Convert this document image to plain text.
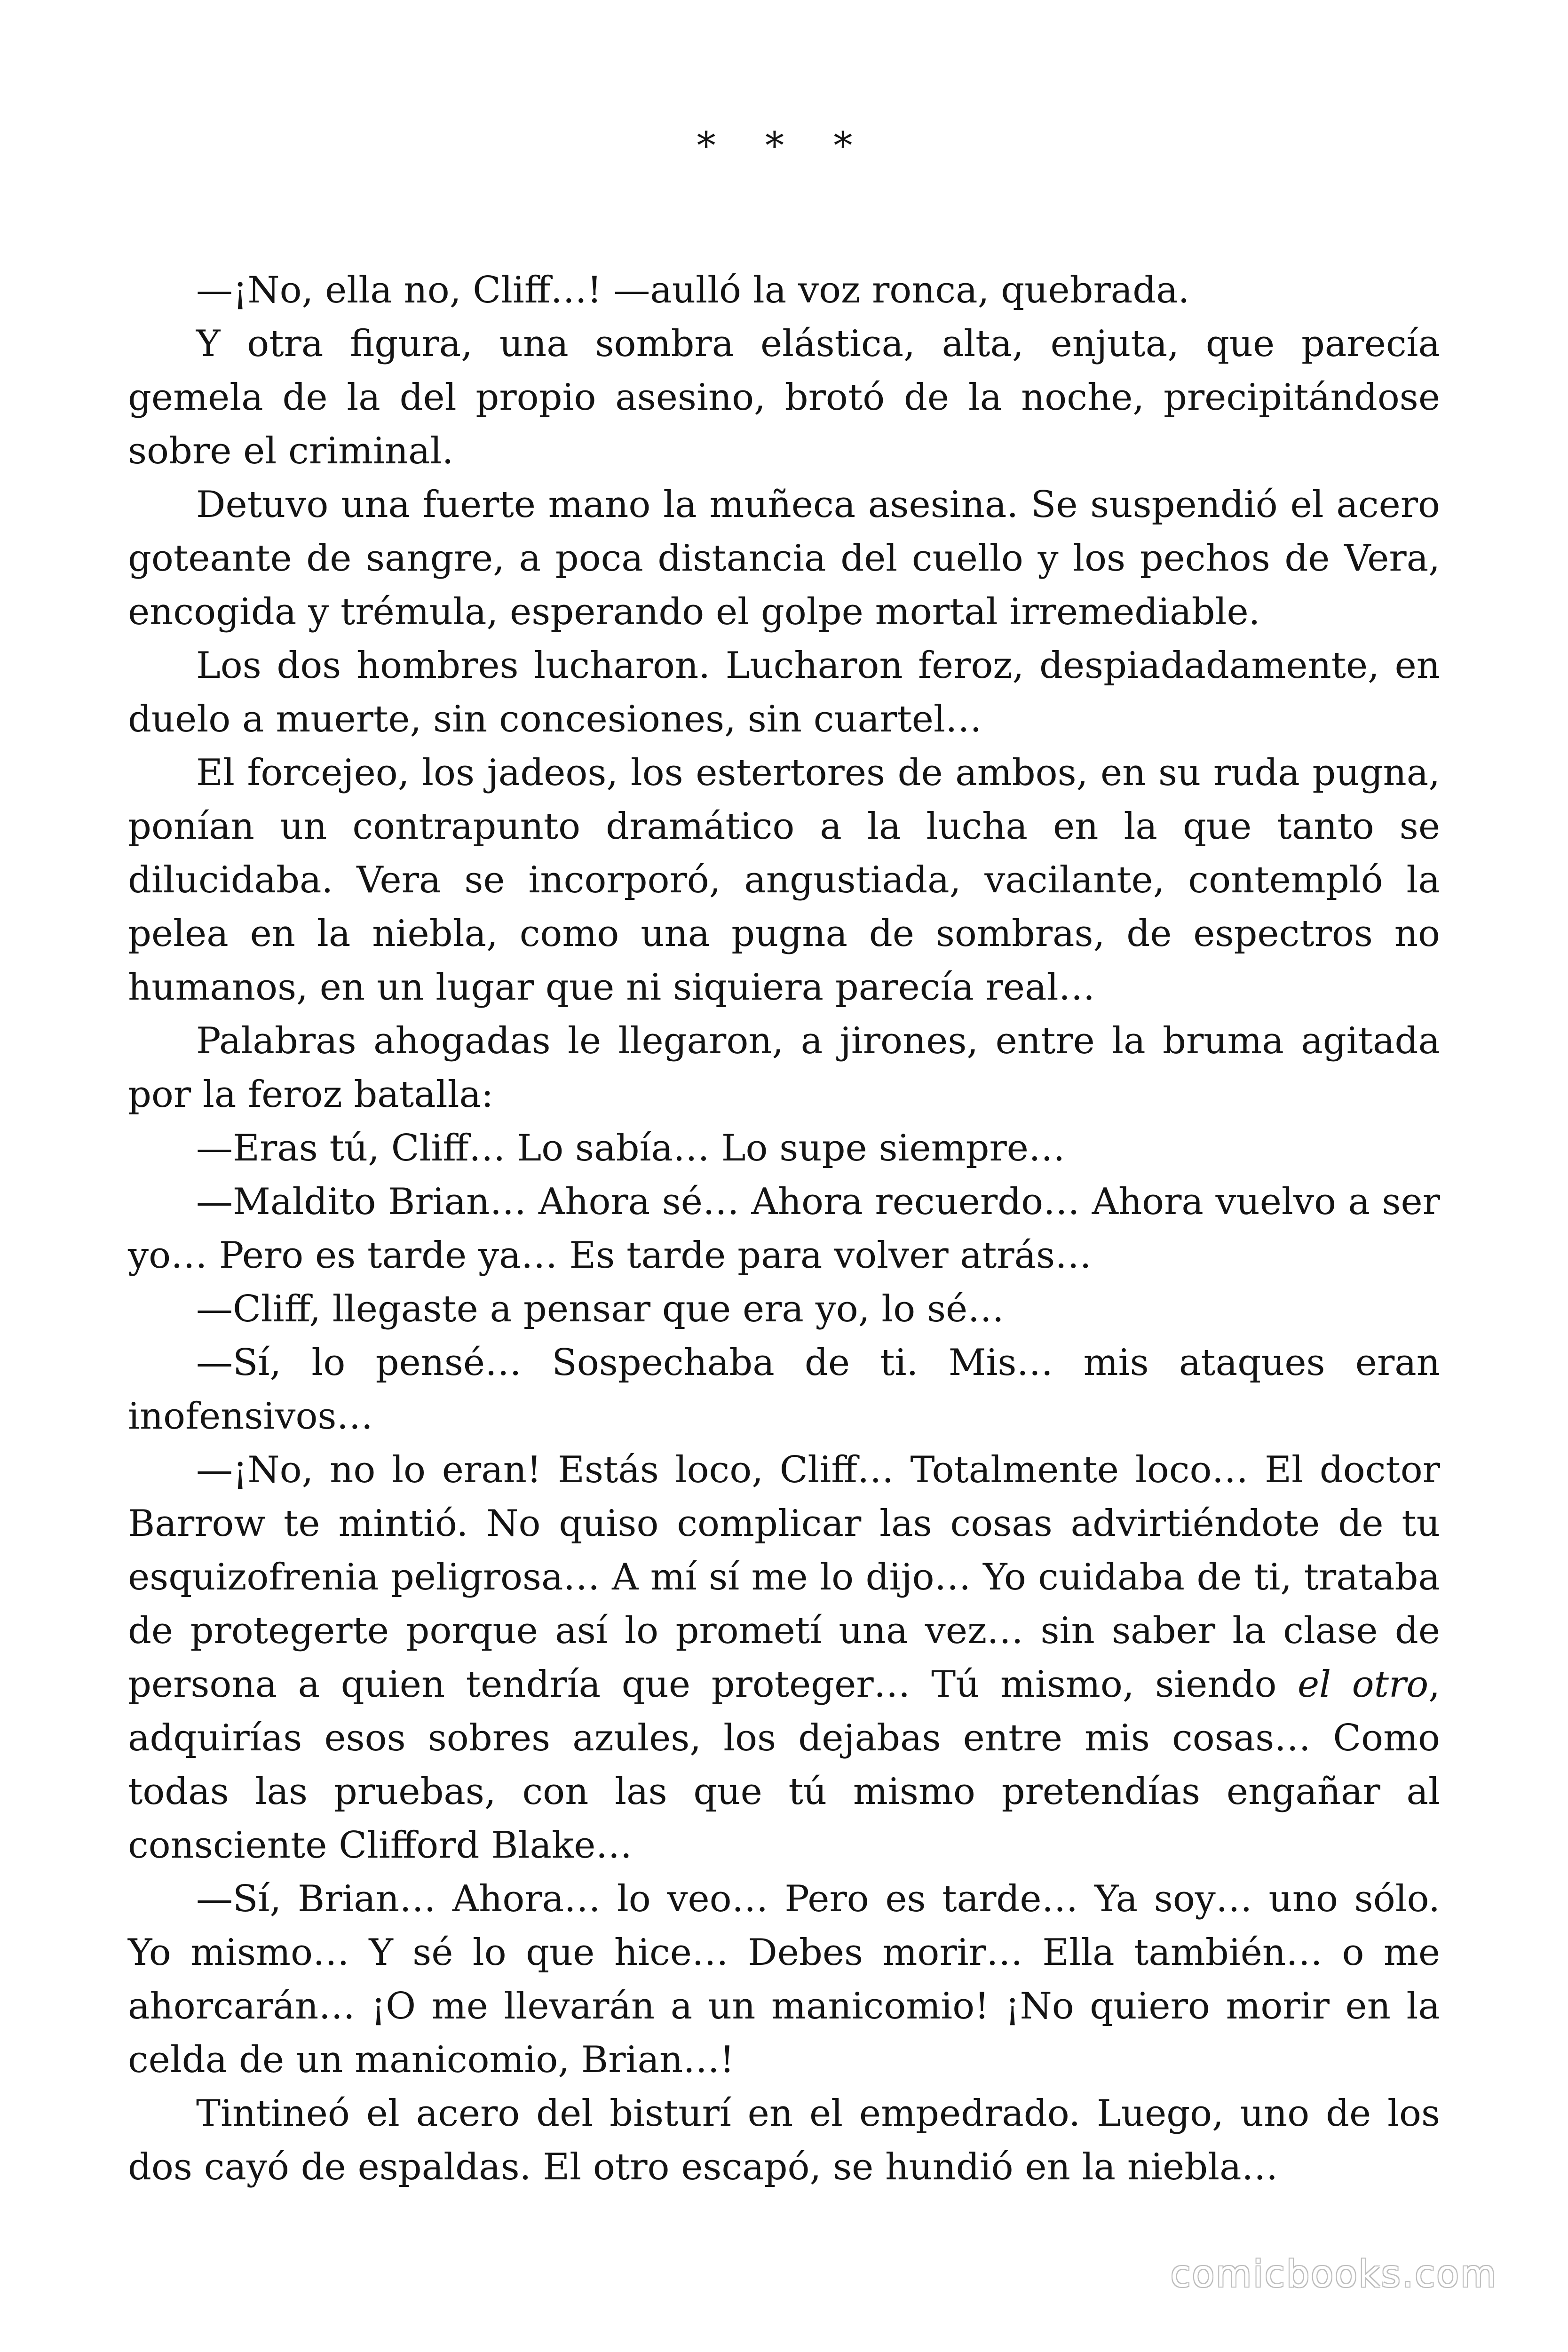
* * *

—¡No, ella no, Cliff…! —aulló la voz ronca, quebrada.

Y otra figura, una sombra elástica, alta, enjuta, que parecía gemela de la del propio asesino, brotó de la noche, precipitándose sobre el criminal.

Detuvo una fuerte mano la muñeca asesina. Se suspendió el acero goteante de sangre, a poca distancia del cuello y los pechos de Vera, encogida y trémula, esperando el golpe mortal irremediable.

Los dos hombres lucharon. Lucharon feroz, despiadadamente, en duelo a muerte, sin concesiones, sin cuartel…

El forcejeo, los jadeos, los estertores de ambos, en su ruda pugna, ponían un contrapunto dramático a la lucha en la que tanto se dilucidaba. Vera se incorporó, angustiada, vacilante, contempló la pelea en la niebla, como una pugna de sombras, de espectros no humanos, en un lugar que ni siquiera parecía real…

Palabras ahogadas le llegaron, a jirones, entre la bruma agitada por la feroz batalla:

—Eras tú, Cliff… Lo sabía… Lo supe siempre…

—Maldito Brian… Ahora sé… Ahora recuerdo… Ahora vuelvo a ser yo… Pero es tarde ya… Es tarde para volver atrás…

—Cliff, llegaste a pensar que era yo, lo sé…

—Sí, lo pensé… Sospechaba de ti. Mis… mis ataques eran inofensivos…

—¡No, no lo eran! Estás loco, Cliff… Totalmente loco… El doctor Barrow te mintió. No quiso complicar las cosas advirtiéndote de tu esquizofrenia peligrosa… A mí sí me lo dijo… Yo cuidaba de ti, trataba de protegerte porque así lo prometí una vez… sin saber la clase de persona a quien tendría que proteger… Tú mismo, siendo el otro, adquirías esos sobres azules, los dejabas entre mis cosas… Como todas las pruebas, con las que tú mismo pretendías engañar al consciente Clifford Blake…

—Sí, Brian… Ahora… lo veo… Pero es tarde… Ya soy… uno sólo. Yo mismo… Y sé lo que hice… Debes morir… Ella también… o me ahorcarán… ¡O me llevarán a un manicomio! ¡No quiero morir en la celda de un manicomio, Brian…!

Tintineó el acero del bisturí en el empedrado. Luego, uno de los dos cayó de espaldas. El otro escapó, se hundió en la niebla…

comicbooks.com
